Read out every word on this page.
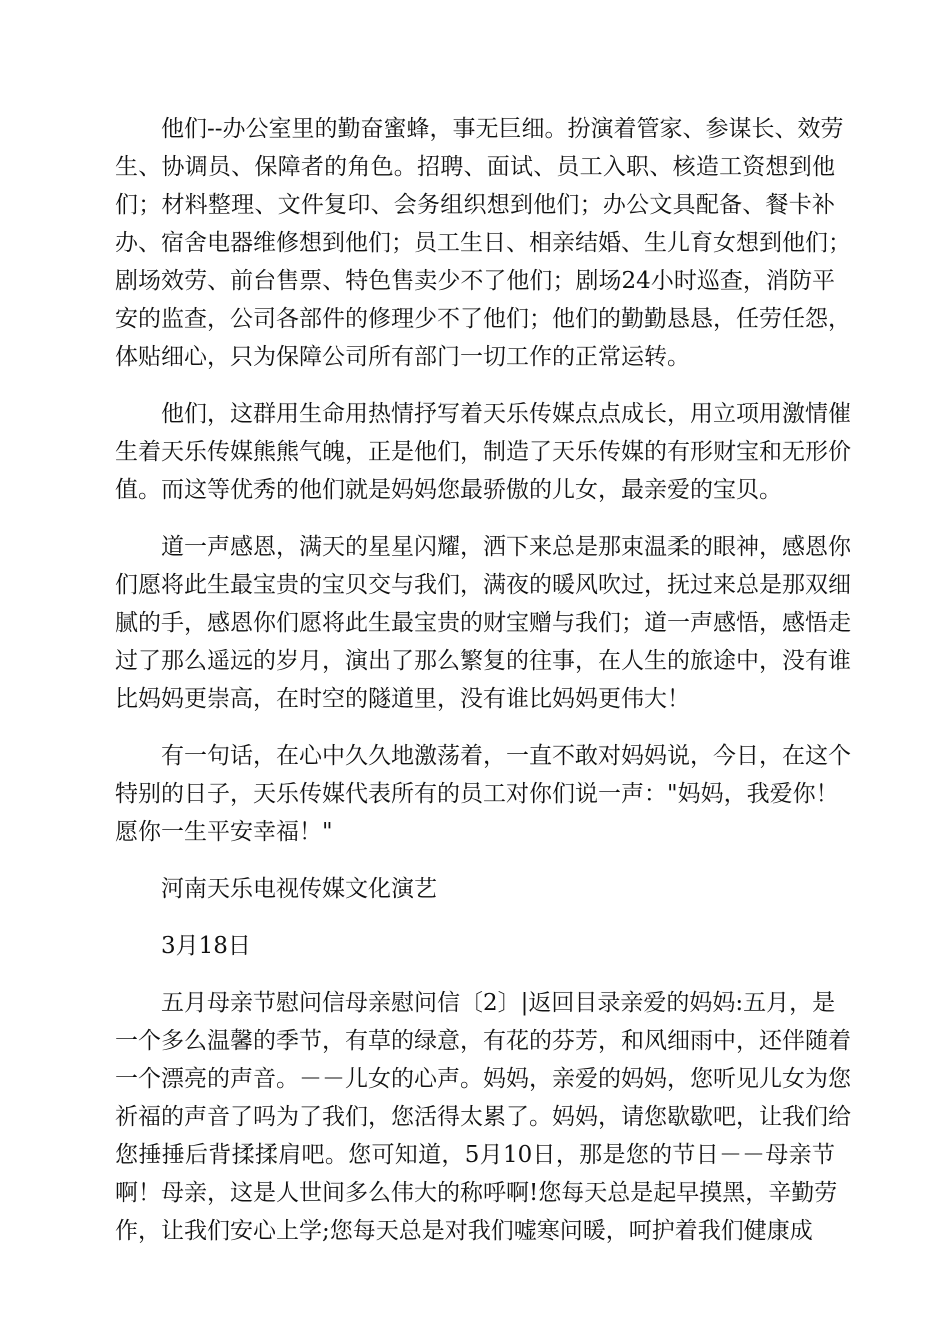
他们--办公室里的勤奋蜜蜂，事无巨细。扮演着管家、参谋长、效劳
生、协调员、保障者的角色。招聘、面试、员工入职、核造工资想到他
们；材料整理、文件复印、会务组织想到他们；办公文具配备、餐卡补
办、宿舍电器维修想到他们；员工生日、相亲结婚、生儿育女想到他们；
剧场效劳、前台售票、特色售卖少不了他们；剧场24小时巡查，消防平
安的监查，公司各部件的修理少不了他们；他们的勤勤恳恳，任劳任怨，
体贴细心，只为保障公司所有部门一切工作的正常运转。
他们，这群用生命用热情抒写着天乐传媒点点成长，用立项用激情催
生着天乐传媒熊熊气魄，正是他们，制造了天乐传媒的有形财宝和无形价
值。而这等优秀的他们就是妈妈您最骄傲的儿女，最亲爱的宝贝。
道一声感恩，满天的星星闪耀，洒下来总是那束温柔的眼神，感恩你
们愿将此生最宝贵的宝贝交与我们，满夜的暖风吹过，抚过来总是那双细
腻的手，感恩你们愿将此生最宝贵的财宝赠与我们；道一声感悟，感悟走
过了那么遥远的岁月，演出了那么繁复的往事，在人生的旅途中，没有谁
比妈妈更崇高，在时空的隧道里，没有谁比妈妈更伟大！
有一句话，在心中久久地激荡着，一直不敢对妈妈说，今日，在这个
特别的日子，天乐传媒代表所有的员工对你们说一声："妈妈，我爱你！
愿你一生平安幸福！"
河南天乐电视传媒文化演艺
3月18日
五月母亲节慰问信母亲慰问信〔2〕|返回目录亲爱的妈妈:五月，是
一个多么温馨的季节，有草的绿意，有花的芬芳，和风细雨中，还伴随着
一个漂亮的声音。－－儿女的心声。妈妈，亲爱的妈妈，您听见儿女为您
祈福的声音了吗为了我们，您活得太累了。妈妈，请您歇歇吧，让我们给
您捶捶后背揉揉肩吧。您可知道，5月10日，那是您的节日－－母亲节
啊！母亲，这是人世间多么伟大的称呼啊!您每天总是起早摸黑，辛勤劳
作，让我们安心上学;您每天总是对我们嘘寒问暖，呵护着我们健康成
